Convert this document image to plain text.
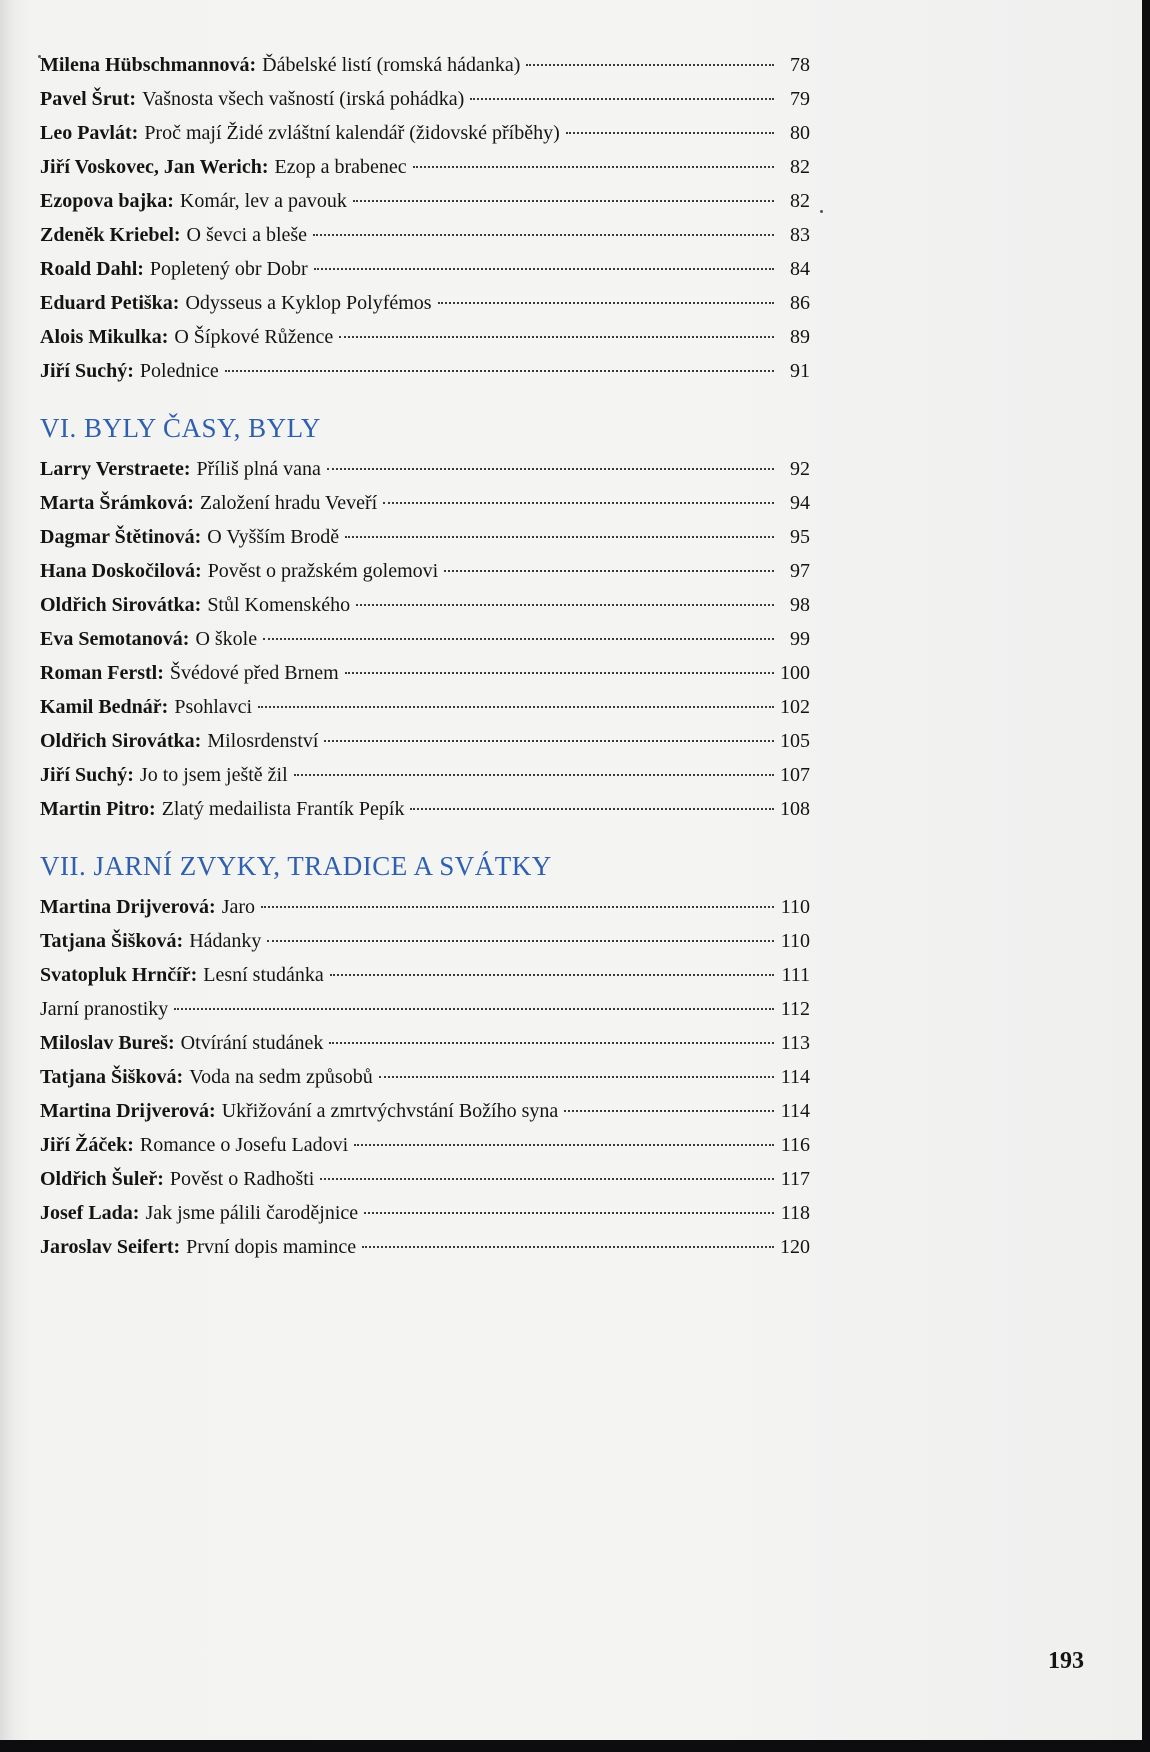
Milena Hübschmannová: Ďábelské listí (romská hádanka)	78
Pavel Šrut: Vašnosta všech vašností (irská pohádka)	79
Leo Pavlát: Proč mají Židé zvláštní kalendář (židovské příběhy)	80
Jiří Voskovec, Jan Werich: Ezop a brabenec	82
Ezopova bajka: Komár, lev a pavouk	82
Zdeněk Kriebel: O ševci a bleše	83
Roald Dahl: Popletený obr Dobr	84
Eduard Petiška: Odysseus a Kyklop Polyfémos	86
Alois Mikulka: O Šípkové Růžence	89
Jiří Suchý: Polednice	91
VI. BYLY ČASY, BYLY
Larry Verstraete: Příliš plná vana	92
Marta Šrámková: Založení hradu Veveří	94
Dagmar Štětinová: O Vyšším Brodě	95
Hana Doskočilová: Pověst o pražském golemovi	97
Oldřich Sirovátka: Stůl Komenského	98
Eva Semotanová: O škole	99
Roman Ferstl: Švédové před Brnem	100
Kamil Bednář: Psohlavci	102
Oldřich Sirovátka: Milosrdenství	105
Jiří Suchý: Jo to jsem ještě žil	107
Martin Pitro: Zlatý medailista Frantík Pepík	108
VII. JARNÍ ZVYKY, TRADICE A SVÁTKY
Martina Drijverová: Jaro	110
Tatjana Šišková: Hádanky	110
Svatopluk Hrnčíř: Lesní studánka	111
Jarní pranostiky	112
Miloslav Bureš: Otvírání studánek	113
Tatjana Šišková: Voda na sedm způsobů	114
Martina Drijverová: Ukřižování a zmrtvýchvstání Božího syna	114
Jiří Žáček: Romance o Josefu Ladovi	116
Oldřich Šuleř: Pověst o Radhošti	117
Josef Lada: Jak jsme pálili čarodějnice	118
Jaroslav Seifert: První dopis mamince	120
193
